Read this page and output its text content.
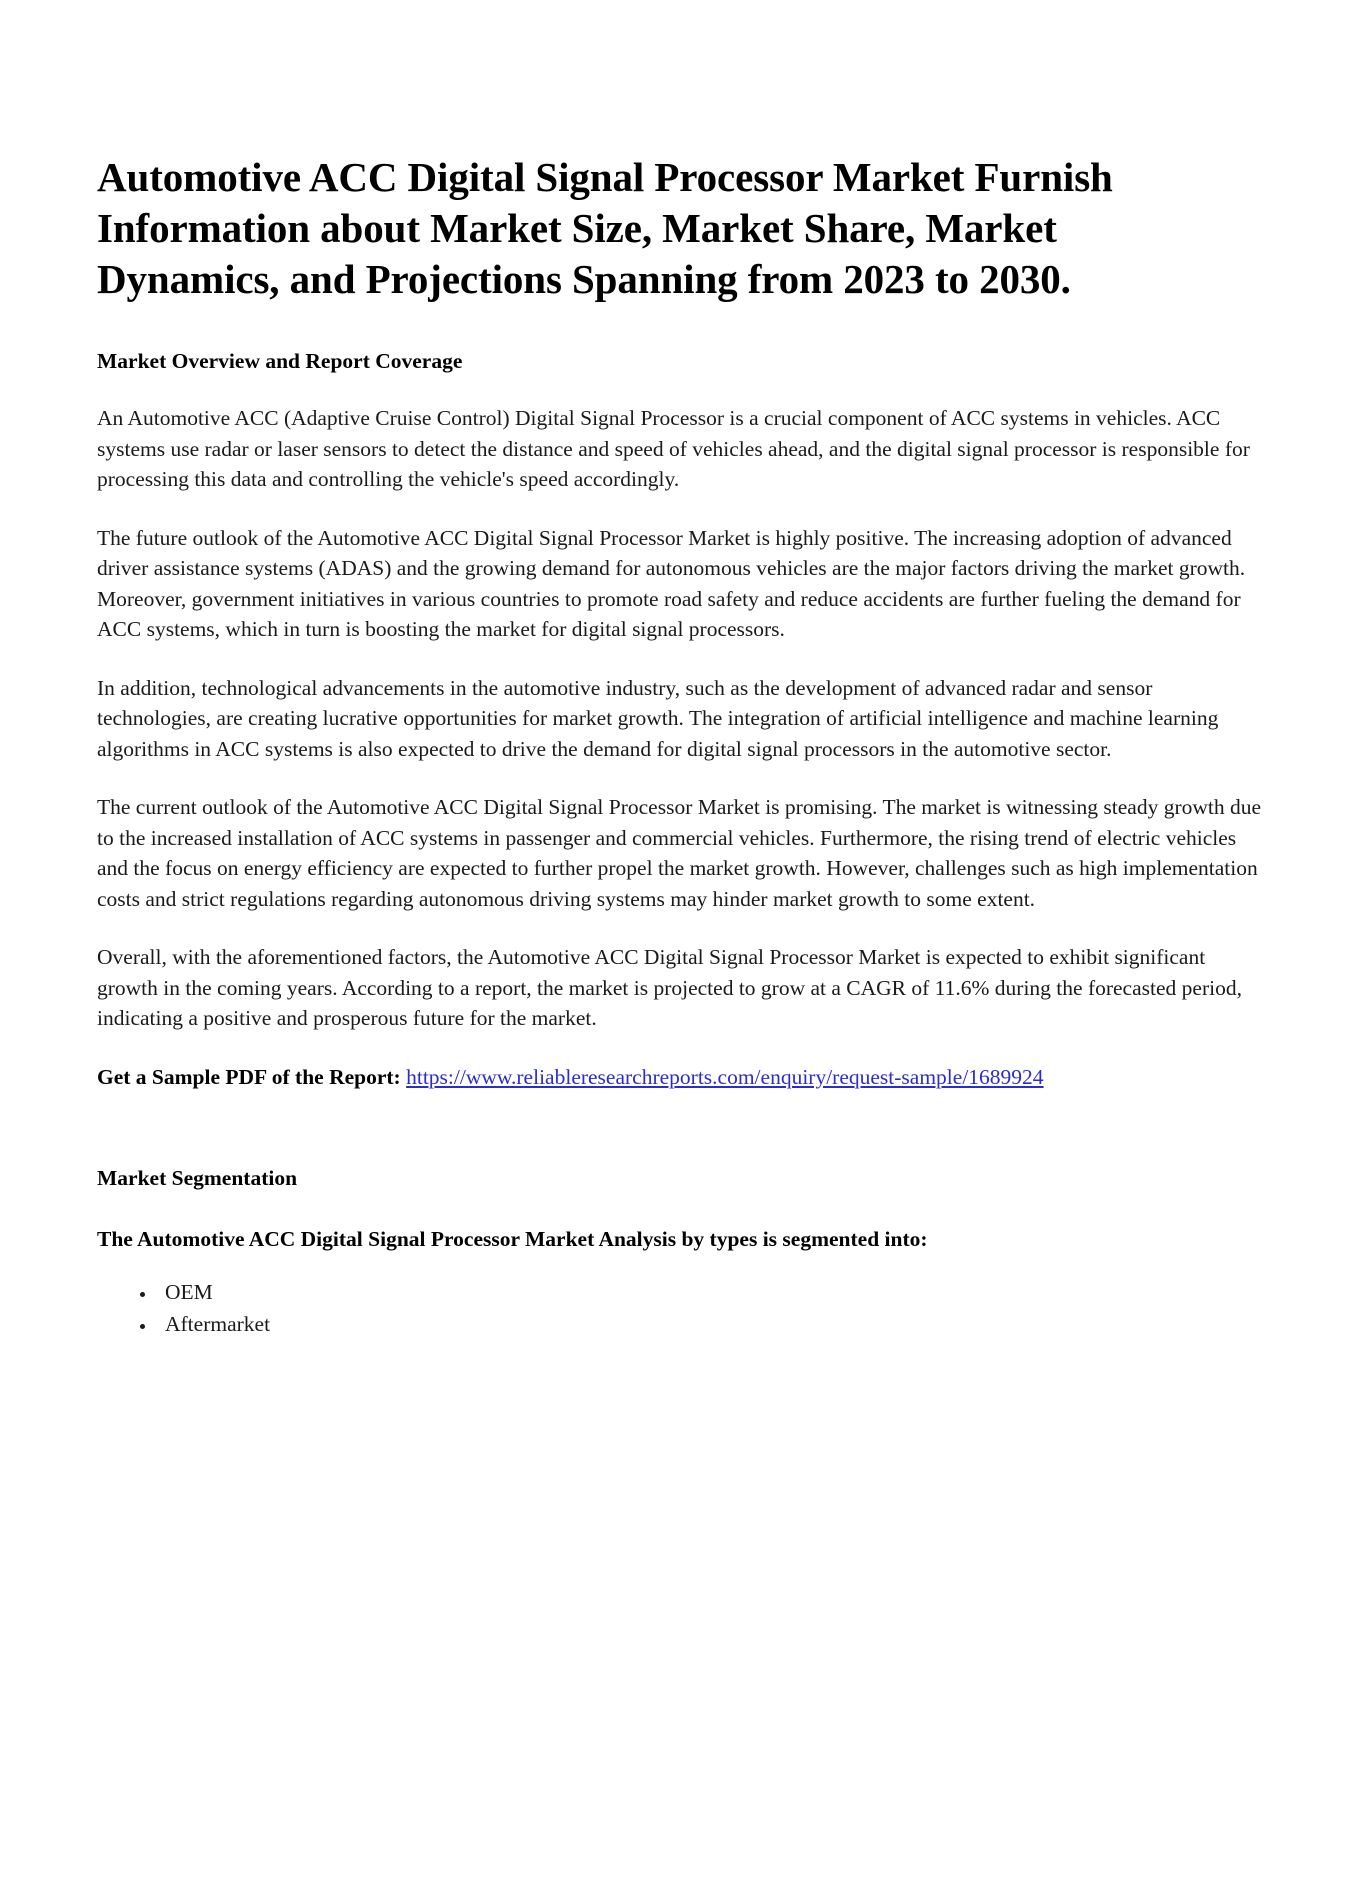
Automotive ACC Digital Signal Processor Market Furnish Information about Market Size, Market Share, Market Dynamics, and Projections Spanning from 2023 to 2030.
Market Overview and Report Coverage

An Automotive ACC (Adaptive Cruise Control) Digital Signal Processor is a crucial component of ACC systems in vehicles. ACC systems use radar or laser sensors to detect the distance and speed of vehicles ahead, and the digital signal processor is responsible for processing this data and controlling the vehicle's speed accordingly.

The future outlook of the Automotive ACC Digital Signal Processor Market is highly positive. The increasing adoption of advanced driver assistance systems (ADAS) and the growing demand for autonomous vehicles are the major factors driving the market growth. Moreover, government initiatives in various countries to promote road safety and reduce accidents are further fueling the demand for ACC systems, which in turn is boosting the market for digital signal processors.

In addition, technological advancements in the automotive industry, such as the development of advanced radar and sensor technologies, are creating lucrative opportunities for market growth. The integration of artificial intelligence and machine learning algorithms in ACC systems is also expected to drive the demand for digital signal processors in the automotive sector.

The current outlook of the Automotive ACC Digital Signal Processor Market is promising. The market is witnessing steady growth due to the increased installation of ACC systems in passenger and commercial vehicles. Furthermore, the rising trend of electric vehicles and the focus on energy efficiency are expected to further propel the market growth. However, challenges such as high implementation costs and strict regulations regarding autonomous driving systems may hinder market growth to some extent.

Overall, with the aforementioned factors, the Automotive ACC Digital Signal Processor Market is expected to exhibit significant growth in the coming years. According to a report, the market is projected to grow at a CAGR of 11.6% during the forecasted period, indicating a positive and prosperous future for the market.

Get a Sample PDF of the Report: https://www.reliableresearchreports.com/enquiry/request-sample/1689924

Market Segmentation

The Automotive ACC Digital Signal Processor Market Analysis by types is segmented into:

• OEM
• Aftermarket
